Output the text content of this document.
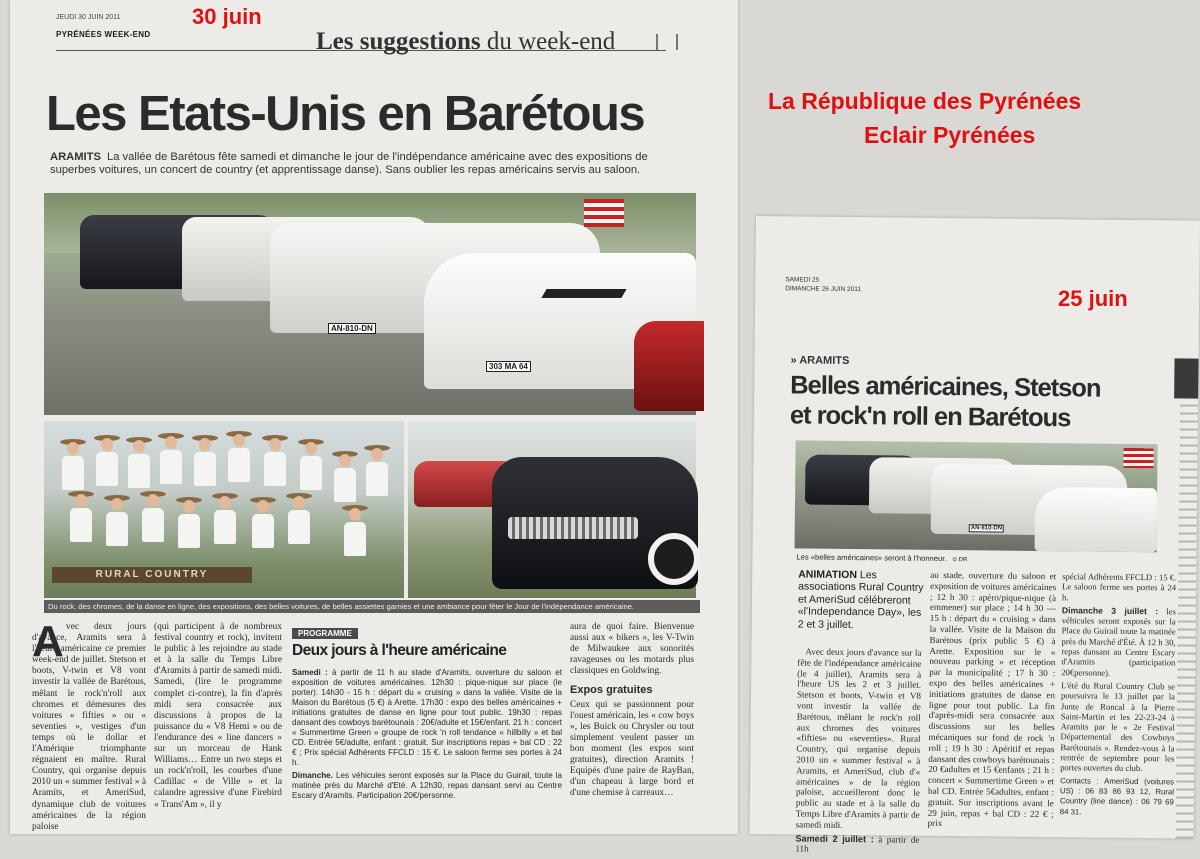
JEUDI 30 JUIN 2011
PYRÉNÉES WEEK-END	Les suggestions du week-end
Les Etats-Unis en Barétous
ARAMITS La vallée de Barétous fête samedi et dimanche le jour de l'indépendance américaine avec des expositions de superbes voitures, un concert de country (et apprentissage danse). Sans oublier les repas américains servis au saloon.
AN-810-DN
303 MA 64
RURAL COUNTRY
Du rock, des chromes, de la danse en ligne, des expositions, des belles voitures, de belles assiettes garnies et une ambiance pour fêter le Jour de l'indépendance américaine.
A vec deux jours d'avance, Aramits sera à l'heure américaine ce premier week-end de juillet. Stetson et boots, V-twin et V8 vont investir la vallée de Barétous, mêlant le rock'n'roll aux chromes et démesures des voitures « fifties » ou « seventies », vestiges d'un temps où le dollar et l'Amérique triomphante régnaient en maître. Rural Country, qui organise depuis 2010 un « summer festival » à Aramits, et AmeriSud, dynamique club de voitures américaines de la région paloise

(qui participent à de nombreux festival country et rock), invitent le public à les rejoindre au stade et à la salle du Temps Libre d'Aramits à partir de samedi midi. Samedi, (lire le programme complet ci-contre), la fin d'après midi sera consacrée aux discussions à propos de la puissance du « V8 Hemi » ou de l'endurance des « line dancers » sur un morceau de Hank Williams… Entre un two steps et un rock'n'roll, les courbes d'une Cadillac « de Ville » et la calandre agressive d'une Firebird « Trans'Am », il y

PROGRAMME
Deux jours à l'heure américaine

Samedi : à partir de 11 h au stade d'Aramits, ouverture du saloon et exposition de voitures américaines. 12h30 : pique-nique sur place (le porter). 14h30 - 15 h : départ du « cruising » dans la vallée. Visite de la Maison du Barétous (5 €) à Arette. 17h30 : expo des belles américaines + initiations gratuites de danse en ligne pour tout public. 19h30 : repas dansant des cowboys barétounais : 20€/adulte et 15€/enfant. 21 h : concert « Summertime Green » groupe de rock 'n roll tendance « hillbilly » et bal CD. Entrée 5€/adulte, enfant : gratuit. Sur inscriptions repas + bal CD : 22 € ; Prix spécial Adhérents FFCLD : 15 €. Le saloon ferme ses portes à 24 h.

Dimanche. Les véhicules seront exposés sur la Place du Guirail, toute la matinée près du Marché d'Eté. A 12h30, repas dansant servi au Centre Escary d'Aramits. Participation 20€/personne.

aura de quoi faire. Bienvenue aussi aux « bikers », les V-Twin de Milwaukee aux sonorités ravageuses ou les motards plus classiques en Goldwing.

Expos gratuites

Ceux qui se passionnent pour l'ouest américain, les « cow boys », les Buick ou Chrysler ou tout simplement veulent passer un bon moment (les expos sont gratuites), direction Aramits ! Equipés d'une paire de RayBan, d'un chapeau à large bord et d'une chemise à carreaux…

SAMEDI 25
DIMANCHE 26 JUIN 2011
» ARAMITS
Belles américaines, Stetson
et rock'n roll en Barétous
AN-810-DN
Les «belles américaines» seront à l'honneur. © DR
ANIMATION Les associations Rural Country et AmeriSud célébreront «l'Independance Day», les 2 et 3 juillet.

Avec deux jours d'avance sur la fête de l'indépendance américaine (le 4 juillet), Aramits sera à l'heure US les 2 et 3 juillet. Stetson et boots, V-twin et V8 vont investir la vallée de Barétous, mêlant le rock'n roll aux chromes des voitures «fifties» ou «seventies». Rural Country, qui organise depuis 2010 un « summer festival » à Aramits, et AmeriSud, club d'« américaines » de la région paloise, accueilleront donc le public au stade et à la salle du Temps Libre d'Aramits à partir de samedi midi.

Samedi 2 juillet : à partir de 11h

au stade, ouverture du saloon et exposition de voitures américaines ; 12 h 30 : apéro/pique-nique (à emmener) sur place ; 14 h 30 — 15 h : départ du « cruising » dans la vallée. Visite de la Maison du Barétous (prix public 5 €) à Arette. Exposition sur le « nouveau parking » et réception par la municipalité ; 17 h 30 : expo des belles américaines + initiations gratuites de danse en ligne pour tout public. La fin d'après-midi sera consacrée aux discussions sur les belles mécaniques sur fond de rock 'n roll ; 19 h 30 : Apéritif et repas dansant des cowboys barétounais : 20 €adultes et 15 €enfants ; 21 h : concert « Summertime Green » et bal CD. Entrée 5€adultes, enfant : gratuit. Sur inscriptions avant le 29 juin, repas + bal CD : 22 € ; prix

spécial Adhérents FFCLD : 15 €. Le saloon ferme ses portes à 24 h.

Dimanche 3 juillet : les véhicules seront exposés sur la Place du Guirail toute la matinée près du Marché d'Été. À 12 h 30, repas dansant au Centre Escary d'Aramits (participation 20€personne).

L'été du Rural Country Club se poursuivra le 13 juillet par la Junte de Roncal à la Pierre Saint-Martin et les 22-23-24 à Aramits par le « 2e Festival Départemental des Cowboys Barétounais ». Rendez-vous à la rentrée de septembre pour les portes ouvertes du club.

Contacts : AmeriSud (voitures US) : 06 83 86 93 12, Rural Country (line dance) : 06 79 69 84 31.

30 juin
La République des Pyrénées
Eclair Pyrénées
25 juin
